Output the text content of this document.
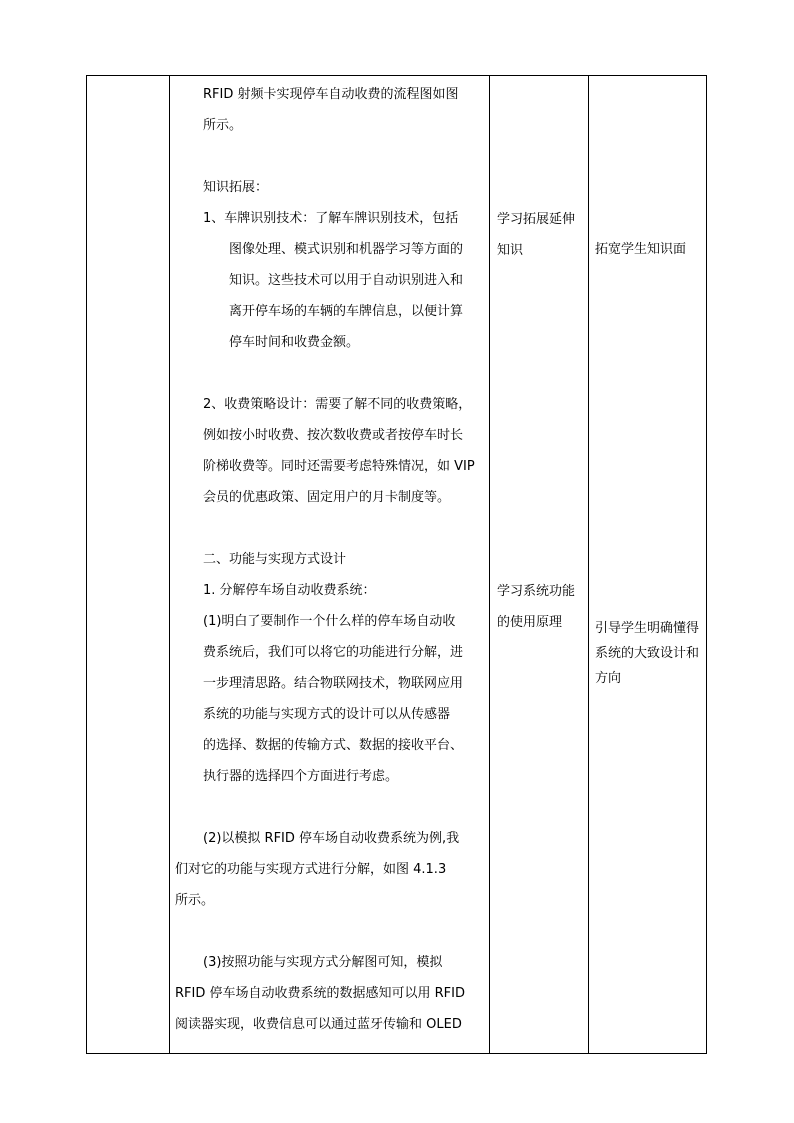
RFID 射频卡实现停车自动收费的流程图如图

所示。

知识拓展：

1、车牌识别技术：了解车牌识别技术，包括

图像处理、模式识别和机器学习等方面的

知识。这些技术可以用于自动识别进入和

离开停车场的车辆的车牌信息，以便计算

停车时间和收费金额。

2、收费策略设计：需要了解不同的收费策略，

例如按小时收费、按次数收费或者按停车时长

阶梯收费等。同时还需要考虑特殊情况，如 VIP

会员的优惠政策、固定用户的月卡制度等。

二、功能与实现方式设计

1. 分解停车场自动收费系统：

(1)明白了要制作一个什么样的停车场自动收

费系统后，我们可以将它的功能进行分解，进

一步理清思路。结合物联网技术，物联网应用

系统的功能与实现方式的设计可以从传感器

的选择、数据的传输方式、数据的接收平台、

执行器的选择四个方面进行考虑。

(2)以模拟 RFID 停车场自动收费系统为例,我

们对它的功能与实现方式进行分解，如图 4.1.3

所示。

(3)按照功能与实现方式分解图可知，模拟

RFID 停车场自动收费系统的数据感知可以用 RFID

阅读器实现，收费信息可以通过蓝牙传输和 OLED

学习拓展延伸知识

学习系统功能的使用原理

拓宽学生知识面

引导学生明确懂得系统的大致设计和方向
